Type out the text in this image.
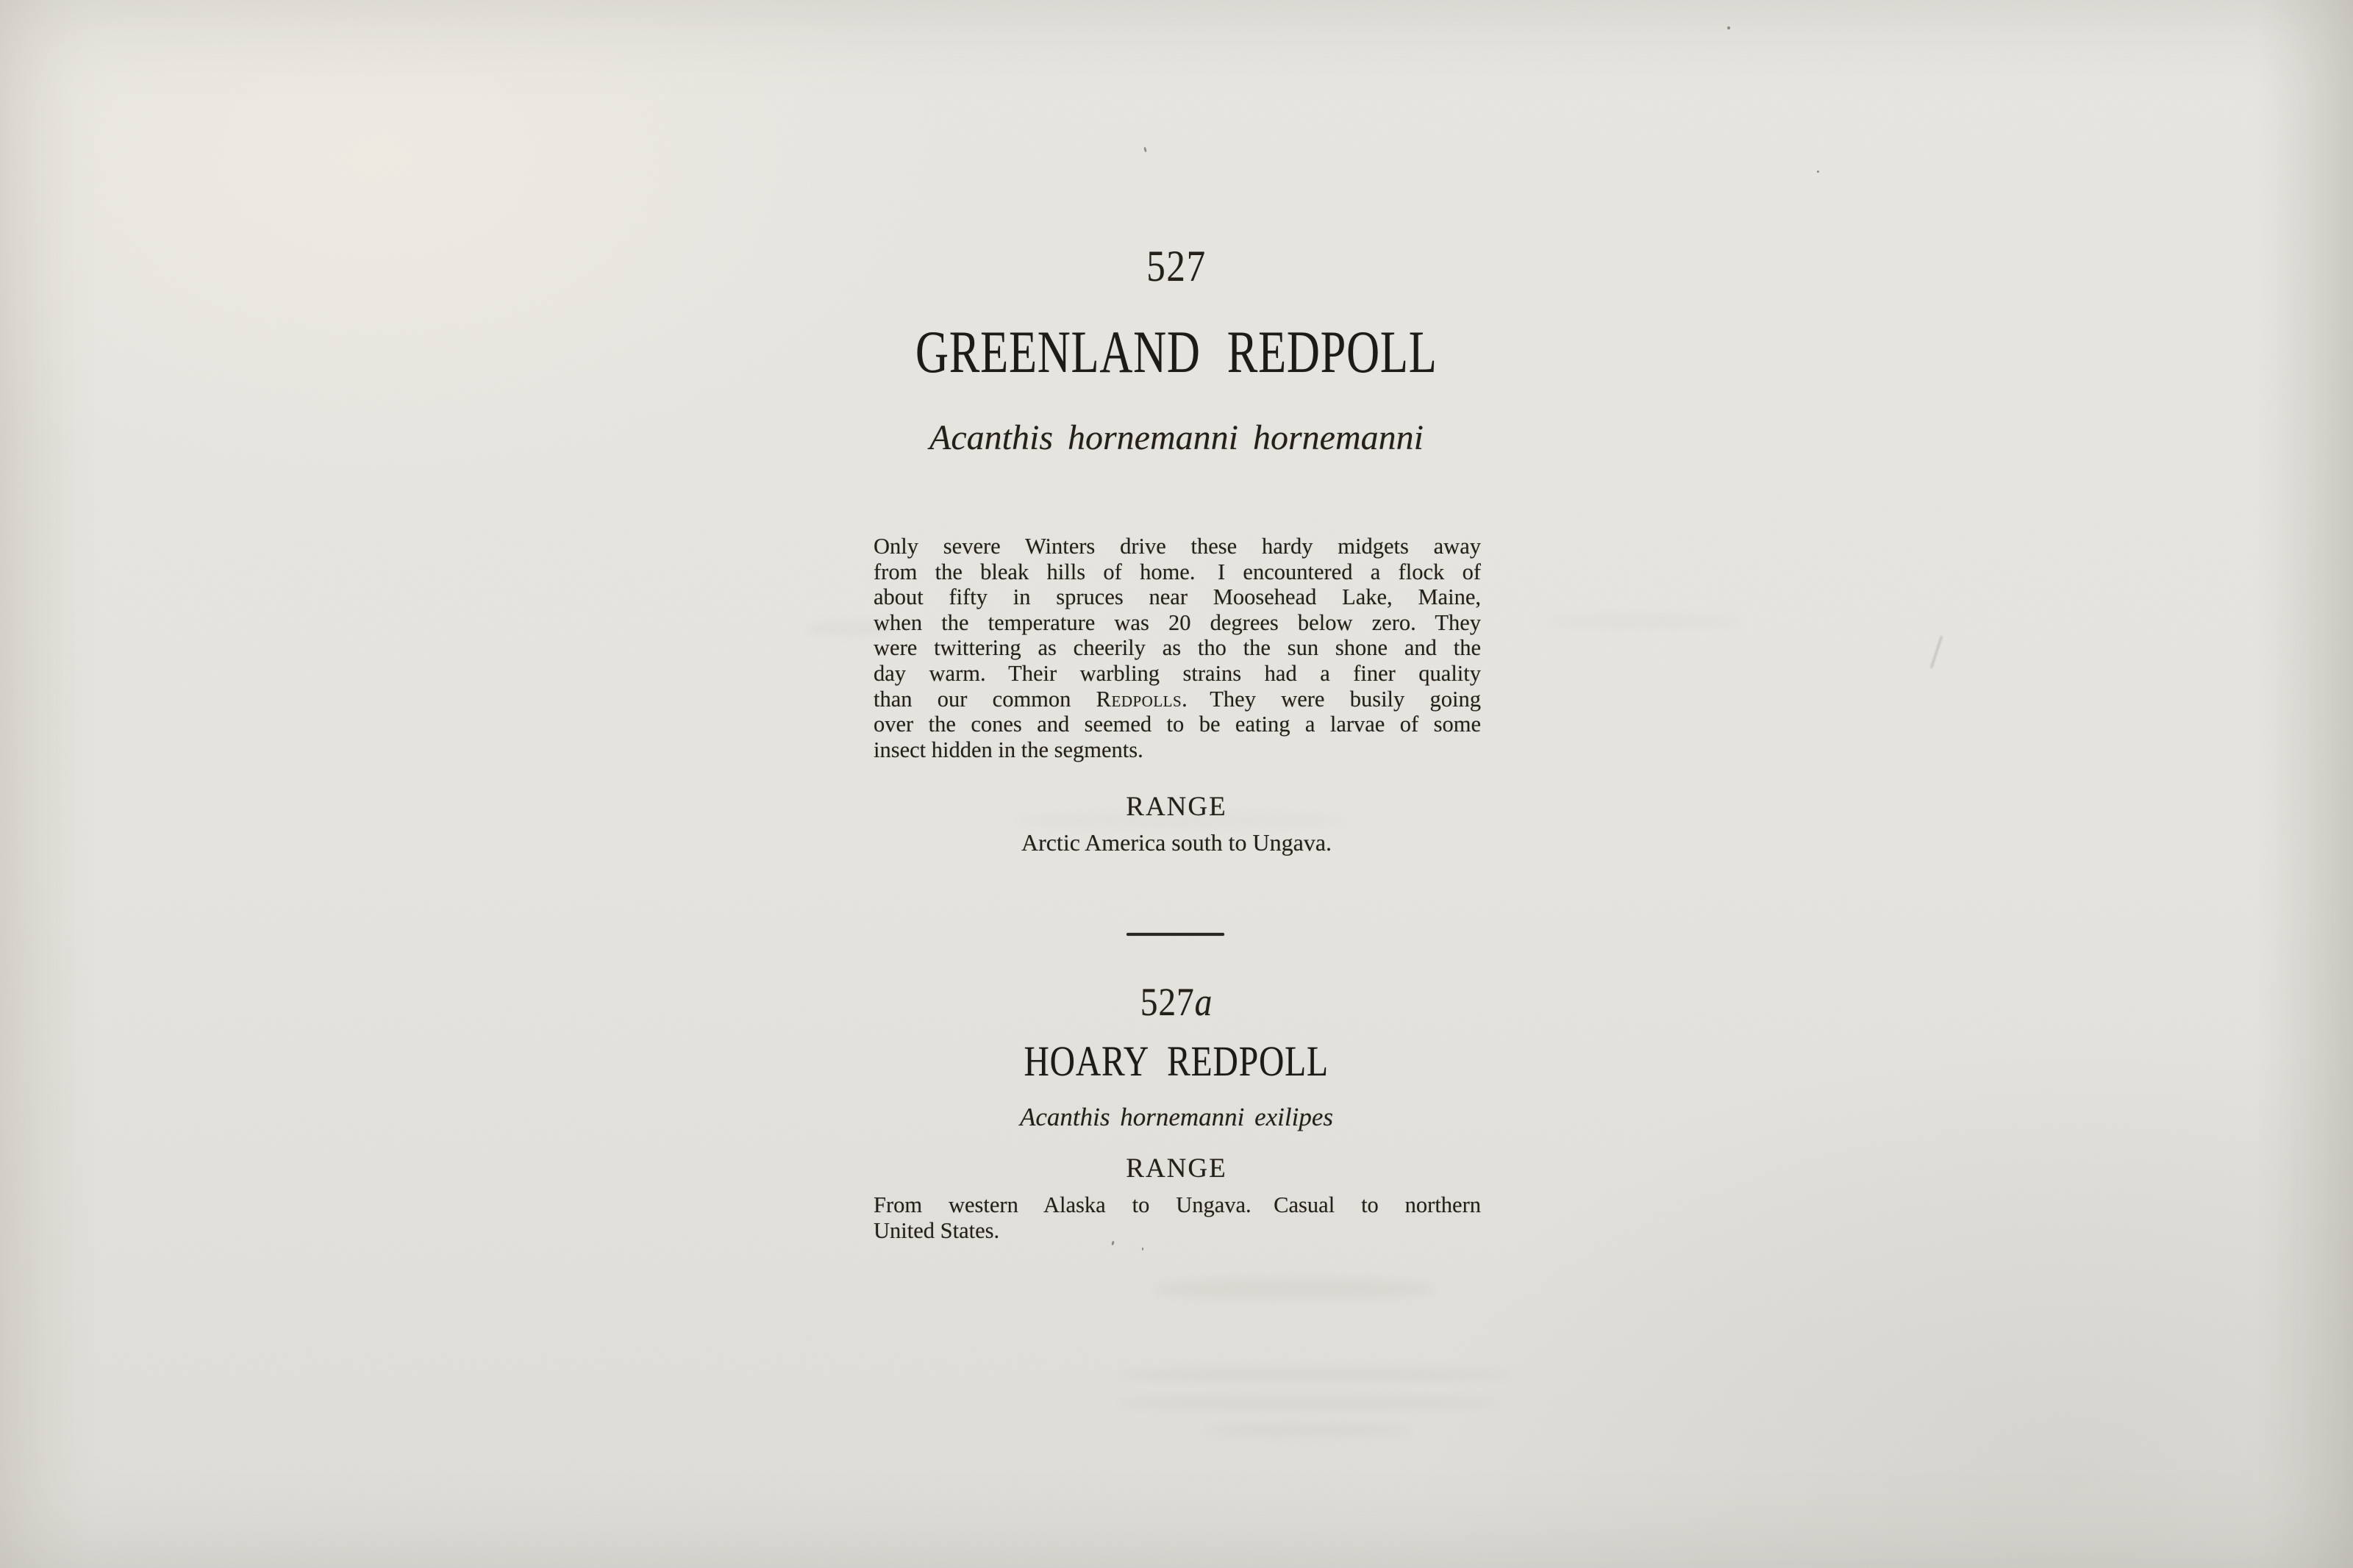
527
GREENLAND REDPOLL
Acanthis hornemanni hornemanni
Only severe Winters drive these hardy midgets away
from the bleak hills of home. I encountered a flock of
about fifty in spruces near Moosehead Lake, Maine,
when the temperature was 20 degrees below zero. They
were twittering as cheerily as tho the sun shone and the
day warm. Their warbling strains had a finer quality
than our common Redpolls. They were busily going
over the cones and seemed to be eating a larvae of some
insect hidden in the segments.
RANGE
Arctic America south to Ungava.
527a
HOARY REDPOLL
Acanthis hornemanni exilipes
RANGE
From western Alaska to Ungava. Casual to northern
United States.
